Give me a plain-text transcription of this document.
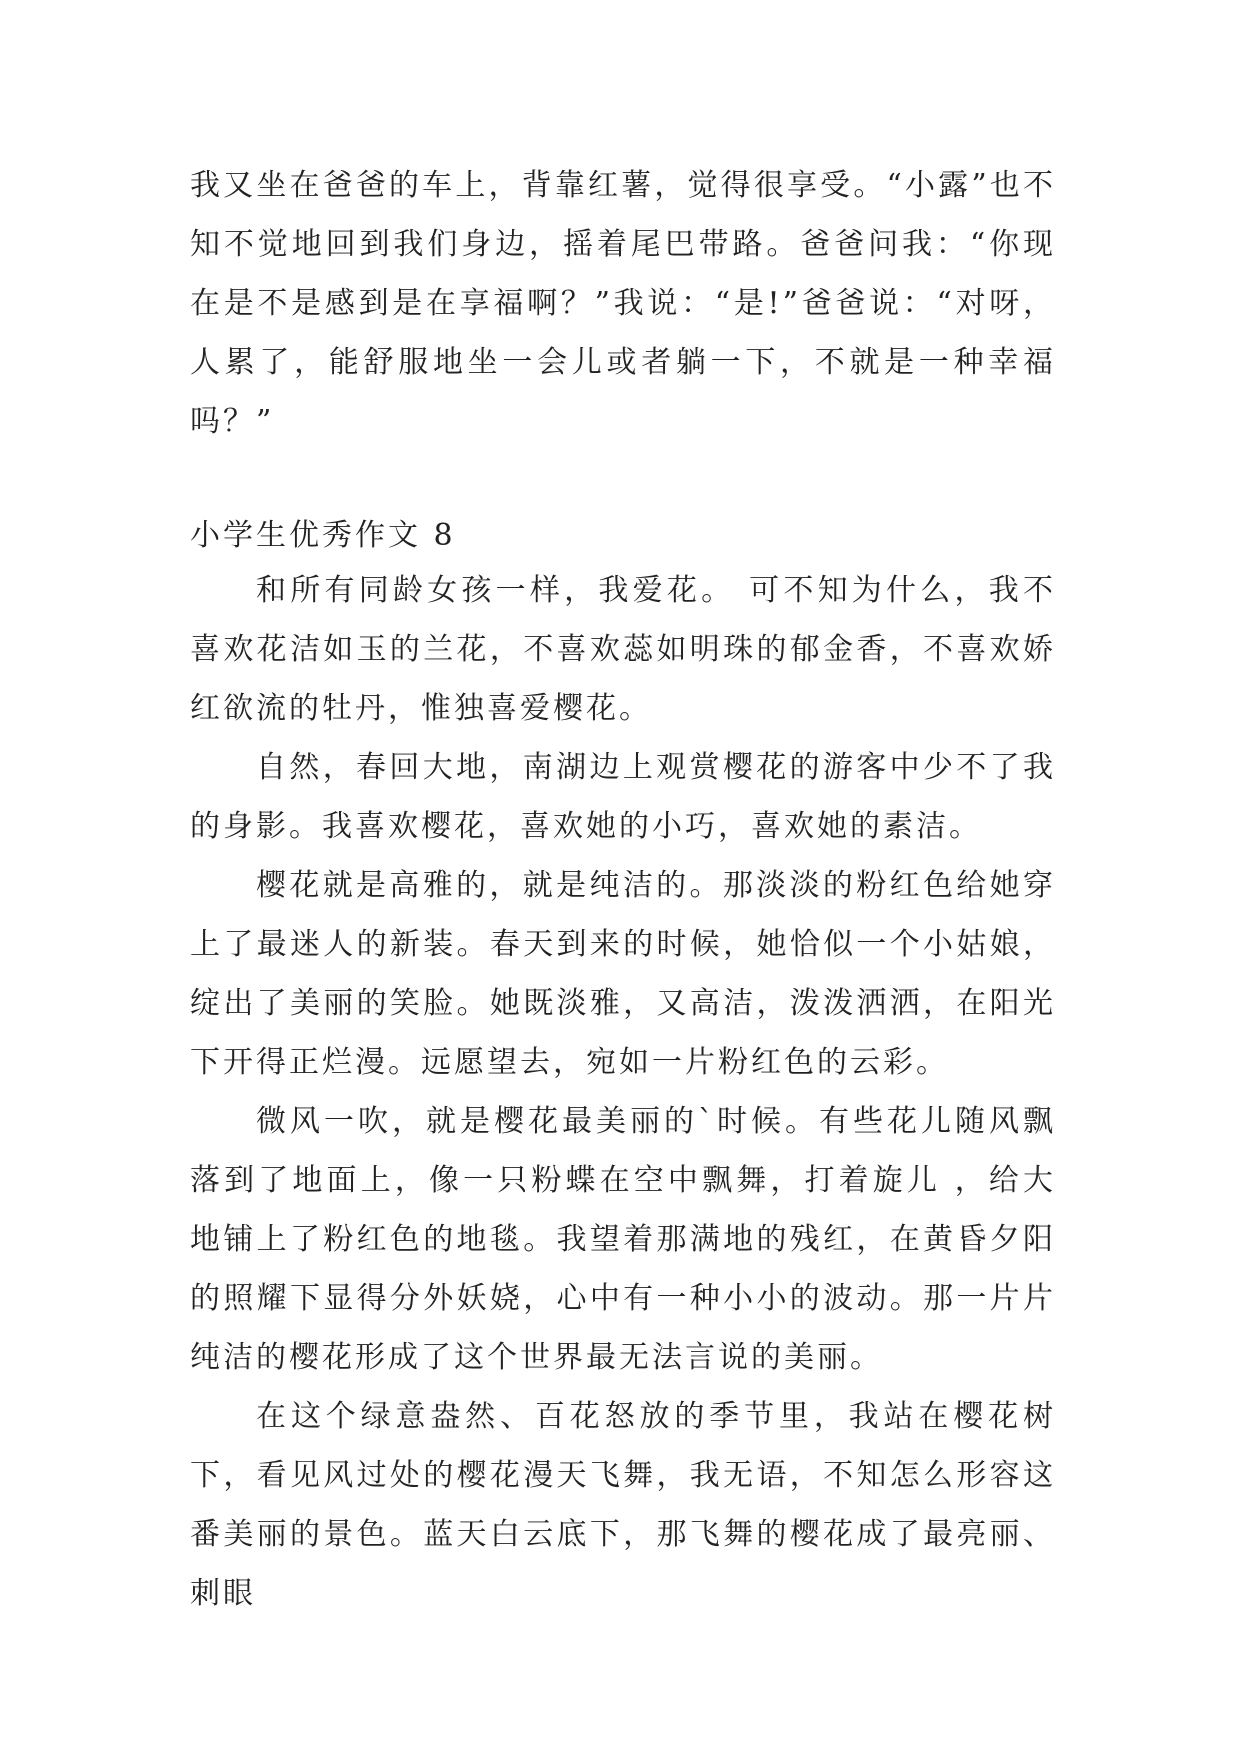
我又坐在爸爸的车上，背靠红薯，觉得很享受。“小露”也不知不觉地回到我们身边，摇着尾巴带路。爸爸问我：“你现在是不是感到是在享福啊？”我说：“是!”爸爸说：“对呀，人累了，能舒服地坐一会儿或者躺一下，不就是一种幸福吗？”

小学生优秀作文 8

和所有同龄女孩一样，我爱花。 可不知为什么，我不喜欢花洁如玉的兰花，不喜欢蕊如明珠的郁金香，不喜欢娇红欲流的牡丹，惟独喜爱樱花。

自然，春回大地，南湖边上观赏樱花的游客中少不了我的身影。我喜欢樱花，喜欢她的小巧，喜欢她的素洁。

樱花就是高雅的，就是纯洁的。那淡淡的粉红色给她穿上了最迷人的新装。春天到来的时候，她恰似一个小姑娘，绽出了美丽的笑脸。她既淡雅，又高洁，泼泼洒洒，在阳光下开得正烂漫。远愿望去，宛如一片粉红色的云彩。

微风一吹，就是樱花最美丽的`时候。有些花儿随风飘落到了地面上，像一只粉蝶在空中飘舞，打着旋儿 ，给大地铺上了粉红色的地毯。我望着那满地的残红，在黄昏夕阳的照耀下显得分外妖娆，心中有一种小小的波动。那一片片纯洁的樱花形成了这个世界最无法言说的美丽。

在这个绿意盎然、百花怒放的季节里，我站在樱花树下，看见风过处的樱花漫天飞舞，我无语，不知怎么形容这番美丽的景色。蓝天白云底下，那飞舞的樱花成了最亮丽、刺眼
